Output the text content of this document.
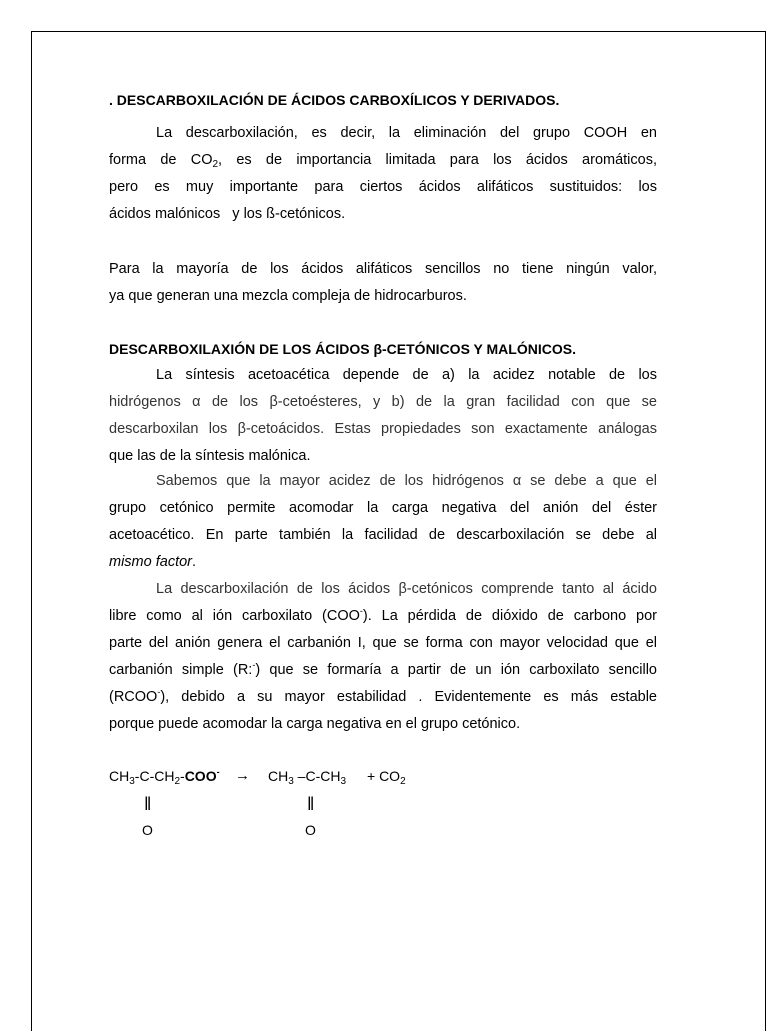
. DESCARBOXILACIÓN DE ÁCIDOS CARBOXÍLICOS Y DERIVADOS.
La descarboxilación, es decir, la eliminación del grupo COOH en
forma de $CO_2$, es de importancia limitada para los ácidos aromáticos,
pero es muy importante para ciertos ácidos alifáticos sustituidos: los
ácidos malónicos   y los ß-cetónicos.
Para la mayoría de los ácidos alifáticos sencillos no tiene ningún valor,
ya que generan una mezcla compleja de hidrocarburos.
DESCARBOXILAXIÓN DE LOS ÁCIDOS β-CETÓNICOS Y MALÓNICOS.
La síntesis acetoacética depende de a) la acidez notable de los
hidrógenos α de los β-cetoésteres, y b) de la gran facilidad con que se
descarboxilan los β-cetoácidos. Estas propiedades son exactamente análogas
que las de la síntesis malónica.
Sabemos que la mayor acidez de los hidrógenos α se debe a que el
grupo cetónico permite acomodar la carga negativa del anión del éster
acetoacético. En parte también la facilidad de descarboxilación se debe al
mismo factor.
La descarboxilación de los ácidos β-cetónicos comprende tanto al ácido
libre como al ión carboxilato (COO-). La pérdida de dióxido de carbono por
parte del anión genera el carbanión I, que se forma con mayor velocidad que el
carbanión simple (R:-) que se formaría a partir de un ión carboxilato sencillo
(RCOO-), debido a su mayor estabilidad . Evidentemente es más estable
porque puede acomodar la carga negativa en el grupo cetónico.
$CH_3-C-CH_2-COO^- \to CH_3$ $-C-CH_3 + CO_2$
‖	‖
O	O
